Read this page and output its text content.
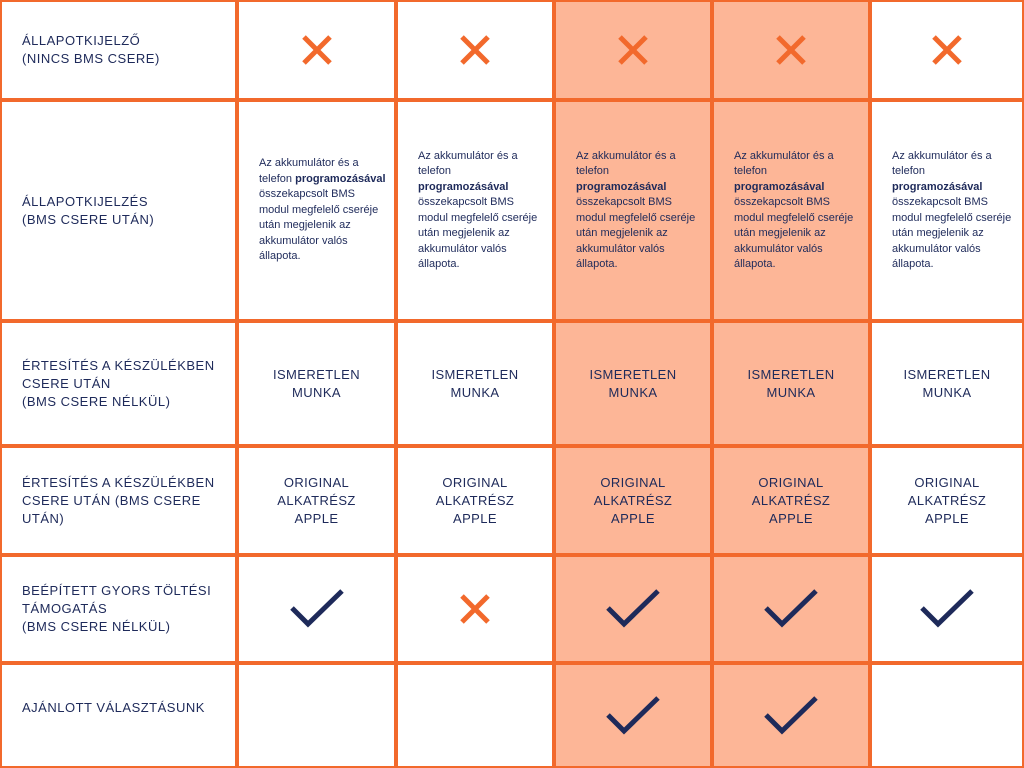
ÁLLAPOTKIJELZŐ
(NINCS BMS CSERE)
ÁLLAPOTKIJELZÉS
(BMS CSERE UTÁN)
Az akkumulátor és a telefon programozásával összekapcsolt BMS modul megfelelő cseréje után megjelenik az akkumulátor valós állapota.
Az akkumulátor és a telefon programozásával összekapcsolt BMS modul megfelelő cseréje után megjelenik az akkumulátor valós állapota.
Az akkumulátor és a telefon programozásával összekapcsolt BMS modul megfelelő cseréje után megjelenik az akkumulátor valós állapota.
Az akkumulátor és a telefon programozásával összekapcsolt BMS modul megfelelő cseréje után megjelenik az akkumulátor valós állapota.
Az akkumulátor és a telefon programozásával összekapcsolt BMS modul megfelelő cseréje után megjelenik az akkumulátor valós állapota.
ÉRTESÍTÉS A KÉSZÜLÉKBEN
CSERE UTÁN
(BMS CSERE NÉLKÜL)
ISMERETLEN
MUNKA
ISMERETLEN
MUNKA
ISMERETLEN
MUNKA
ISMERETLEN
MUNKA
ISMERETLEN
MUNKA
ÉRTESÍTÉS A KÉSZÜLÉKBEN
CSERE UTÁN (BMS CSERE
UTÁN)
ORIGINAL
ALKATRÉSZ
APPLE
ORIGINAL
ALKATRÉSZ
APPLE
ORIGINAL
ALKATRÉSZ
APPLE
ORIGINAL
ALKATRÉSZ
APPLE
ORIGINAL
ALKATRÉSZ
APPLE
BEÉPÍTETT GYORS TÖLTÉSI
TÁMOGATÁS
(BMS CSERE NÉLKÜL)
AJÁNLOTT VÁLASZTÁSUNK
